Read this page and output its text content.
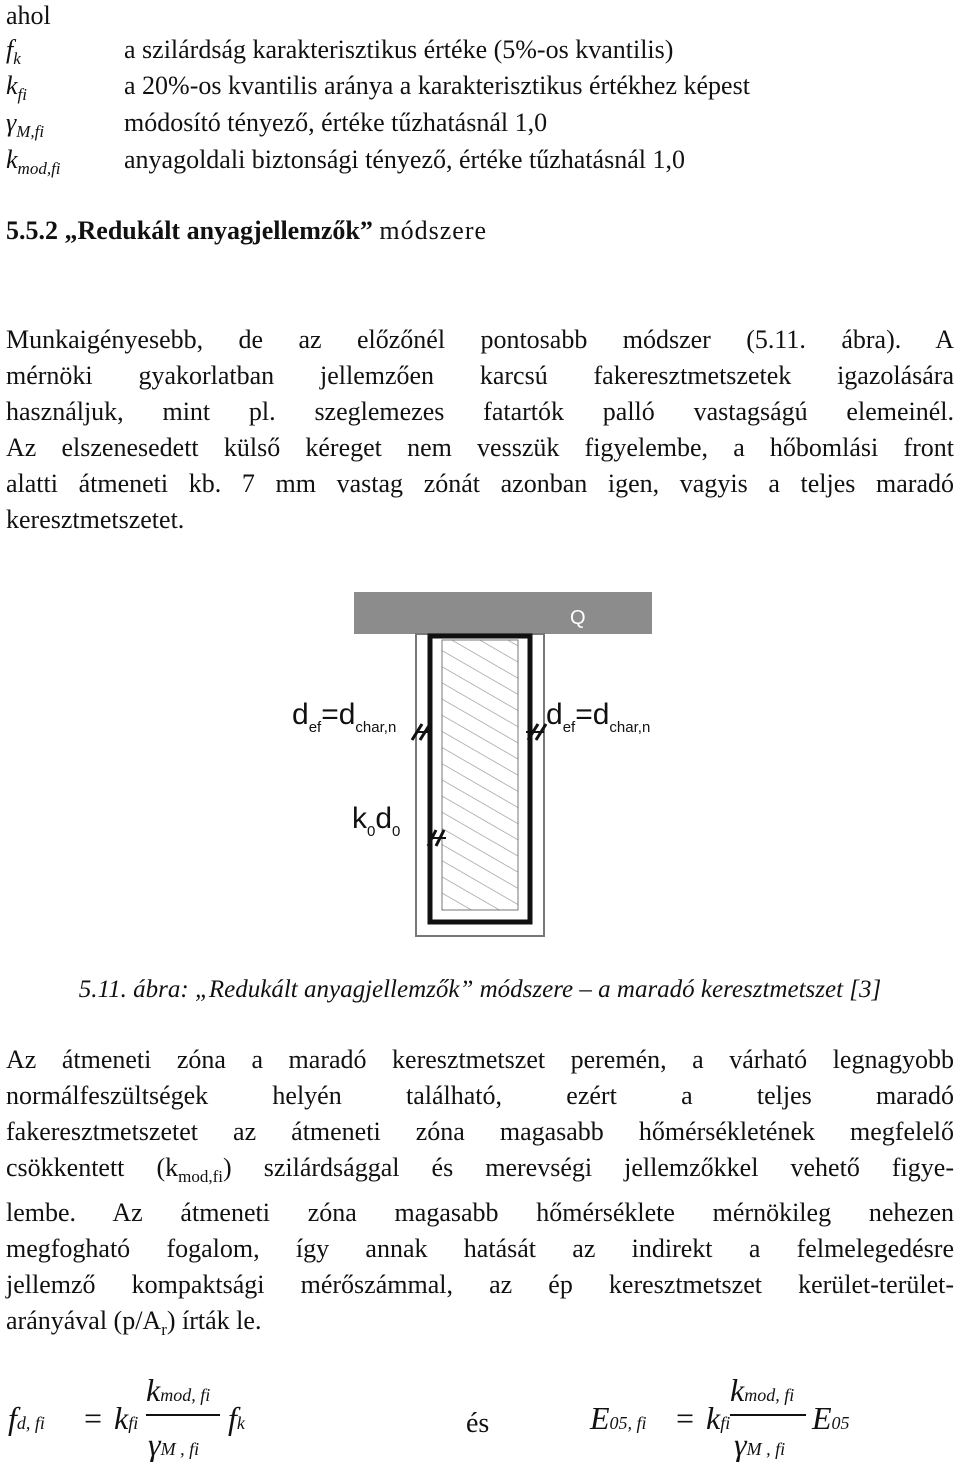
ahol
$f_k$	a szilárdság karakterisztikus értéke (5%-os kvantilis)
$k_{fi}$	a 20%-os kvantilis aránya a karakterisztikus értékhez képest
$\gamma_{M,fi}$	módosító tényező, értéke tűzhatásnál 1,0
$k_{mod,fi}$ anyagoldali biztonsági tényező, értéke tűzhatásnál 1,0
5.5.2 „Redukált anyagjellemzők” módszere
Munkaigényesebb, de az előzőnél pontosabb módszer (5.11. ábra). A
mérnöki gyakorlatban jellemzően karcsú fakeresztmetszetek igazolására
használjuk, mint pl. szeglemezes fatartók palló vastagságú elemeinél.
Az elszenesedett külső kéreget nem vesszük figyelembe, a hőbomlási front
alatti átmeneti kb. 7 mm vastag zónát azonban igen, vagyis a teljes maradó
keresztmetszetet.
Q
def=dchar,n	def=dchar,n
k0d0
5.11. ábra: „Redukált anyagjellemzők” módszere – a maradó keresztmetszet [3]
Az átmeneti zóna a maradó keresztmetszet peremén, a várható legnagyobb
normálfeszültségek helyén található, ezért a teljes maradó
fakeresztmetszetet az átmeneti zóna magasabb hőmérsékletének megfelelő
csökkentett $(k_{mod,fi})$ szilárdsággal és merevségi jellemzőkkel vehető figye-
lembe. Az átmeneti zóna magasabb hőmérséklete mérnökileg nehezen
megfogható fogalom, így annak hatását az indirekt a felmelegedésre
jellemző kompaktsági mérőszámmal, az ép keresztmetszet kerület-terület-
arányával $(p/A_r)$ írták le.
fd, fi = kfi
kmod, fi
γM , fi
fk	és	E05, fi = kfi
kmod, fi
γM , fi
E05
